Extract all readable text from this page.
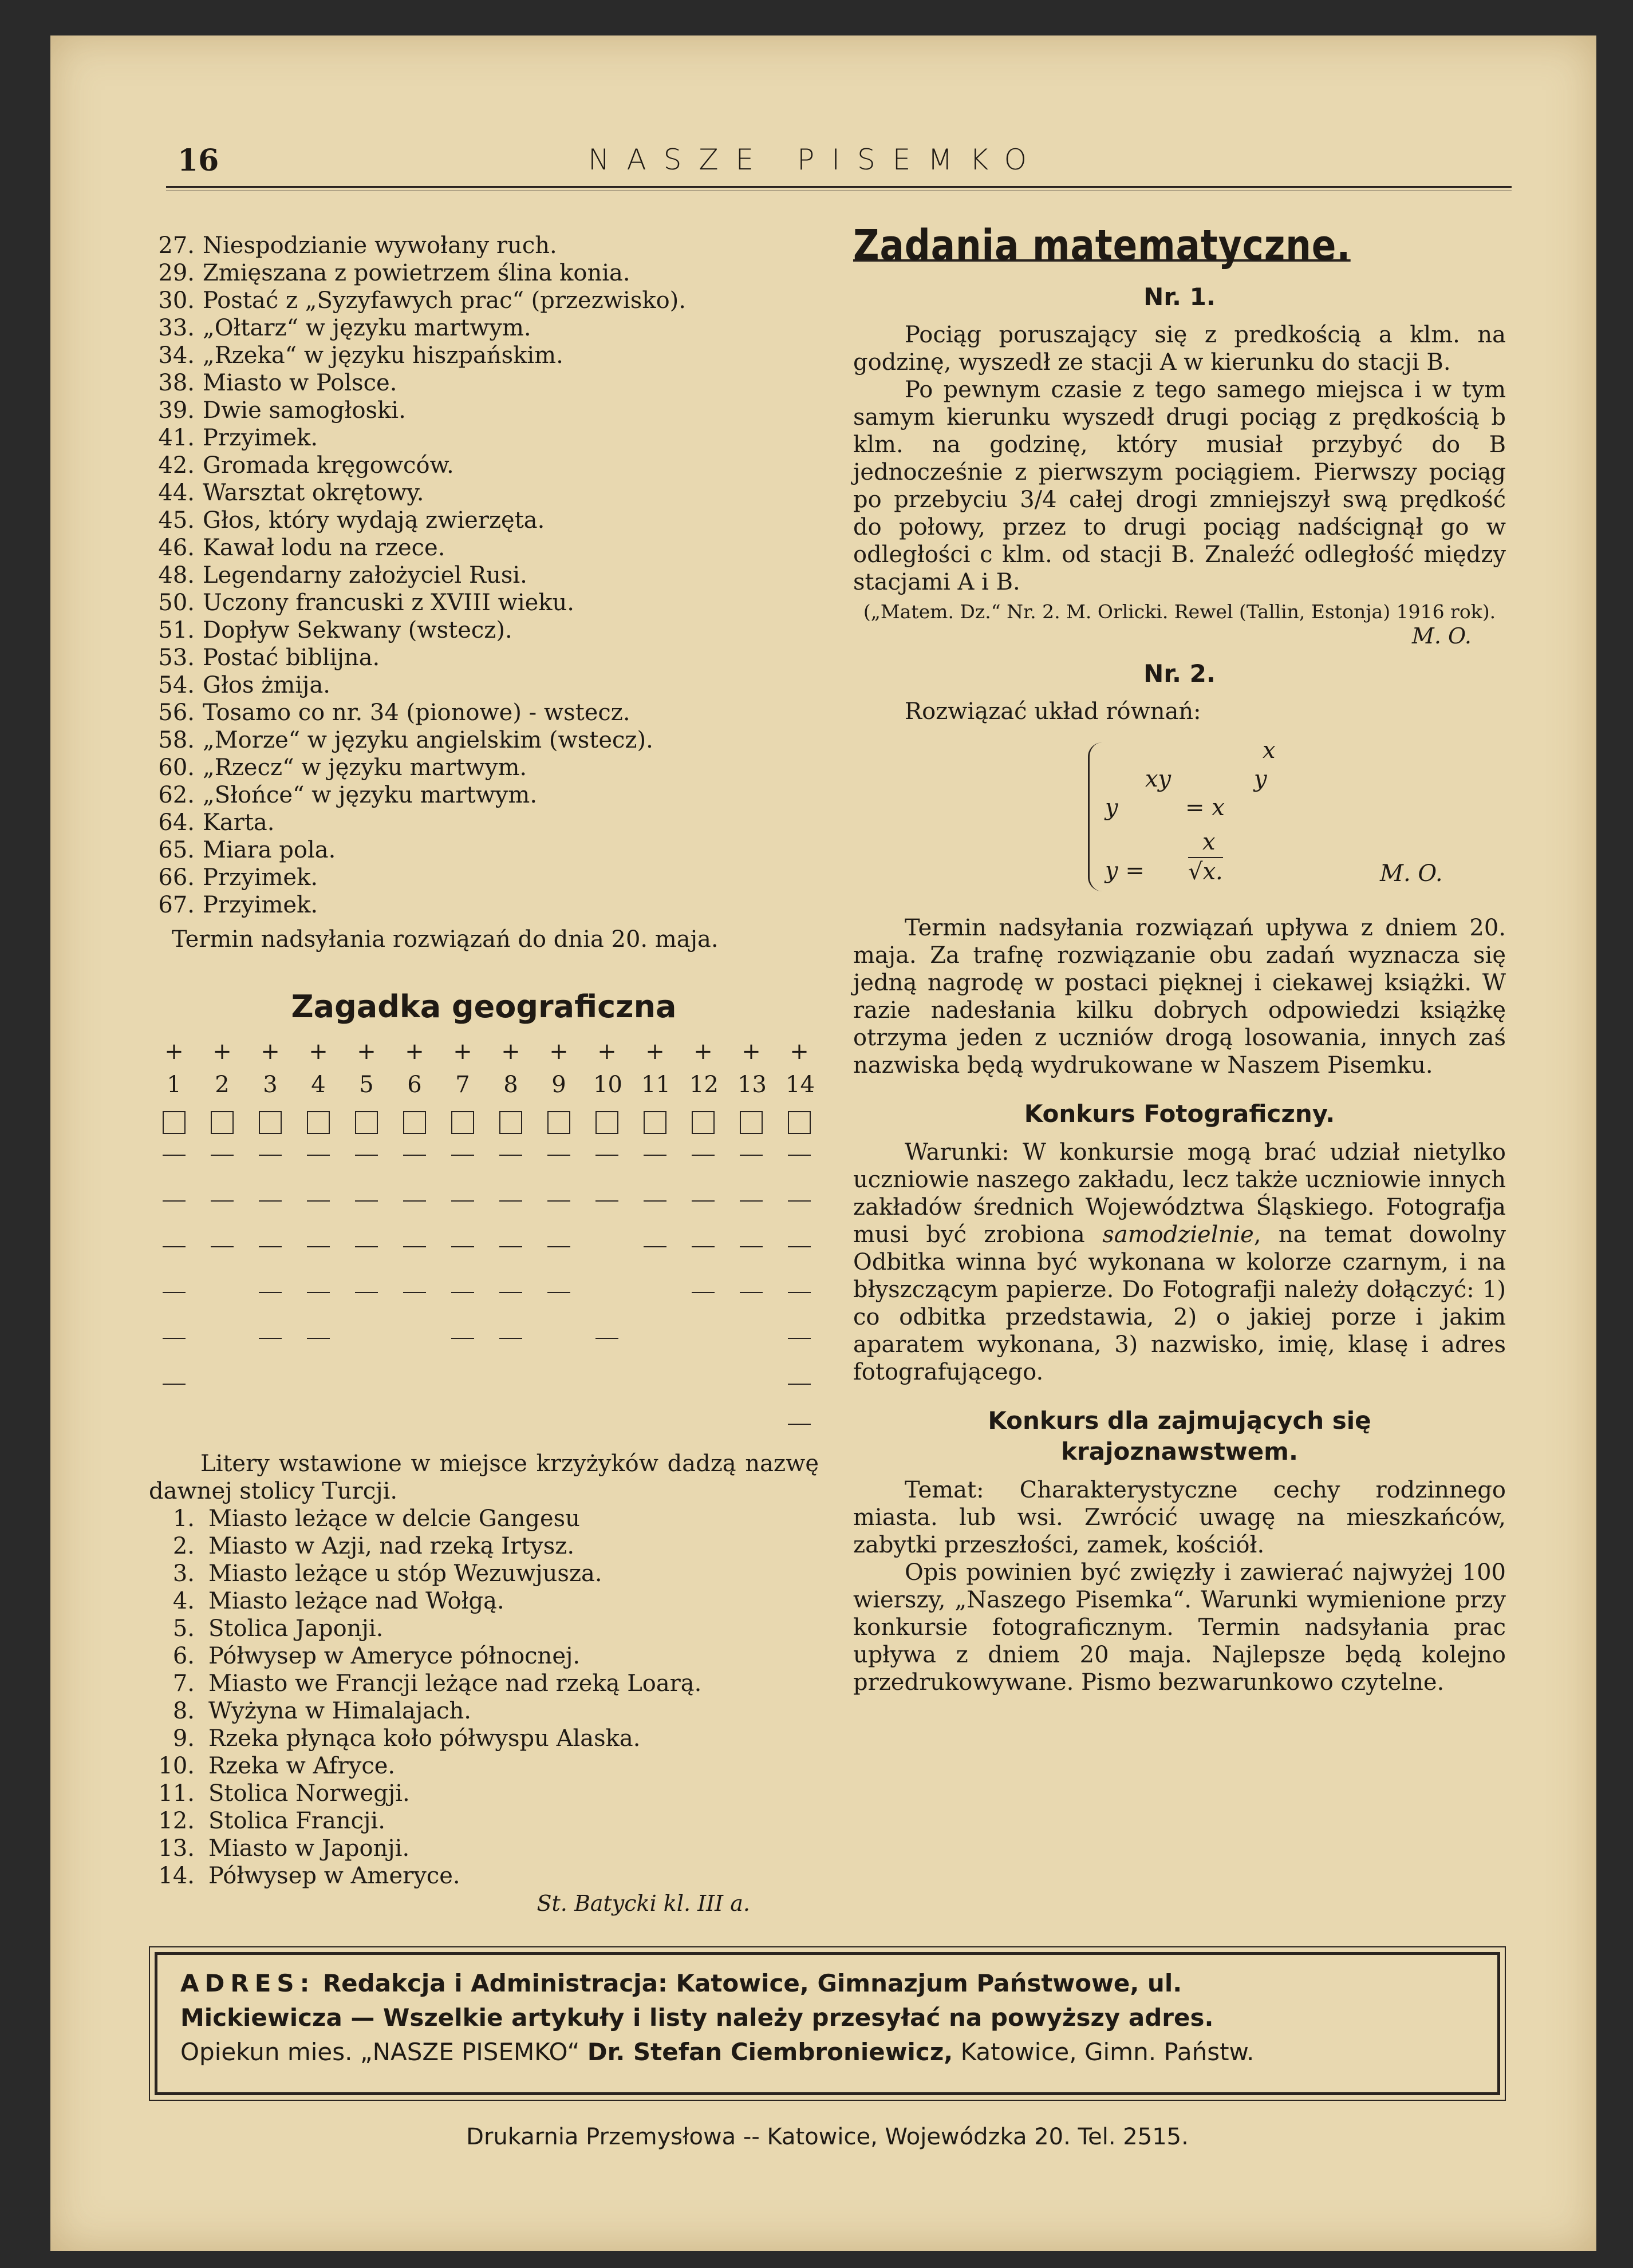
16	NASZE PISEMKO

27. Niespodzianie wywołany ruch.

29. Zmięszana z powietrzem ślina konia.

30. Postać z „Syzyfawych prac“ (przezwisko).

33. „Ołtarz“ w języku martwym.

34. „Rzeka“ w języku hiszpańskim.

38. Miasto w Polsce.

39. Dwie samogłoski.

41. Przyimek.

42. Gromada kręgowców.

44. Warsztat okrętowy.

45. Głos, który wydają zwierzęta.

46. Kawał lodu na rzece.

48. Legendarny założyciel Rusi.

50. Uczony francuski z XVIII wieku.

51. Dopływ Sekwany (wstecz).

53. Postać biblijna.

54. Głos żmija.

56. Tosamo co nr. 34 (pionowe) - wstecz.

58. „Morze“ w języku angielskim (wstecz).

60. „Rzecz“ w języku martwym.

62. „Słońce“ w języku martwym.

64. Karta.

65. Miara pola.

66. Przyimek.

67. Przyimek.

Termin nadsyłania rozwiązań do dnia 20. maja.

Zagadka geograficzna
+ + + + + + + + + + + + + +
1 2 3 4 5 6 7 8 9 10 11 12 13 14

Litery wstawione w miejsce krzyżyków dadzą nazwę dawnej stolicy Turcji.

1. Miasto leżące w delcie Gangesu
2. Miasto w Azji, nad rzeką Irtysz.
3. Miasto leżące u stóp Wezuwjusza.
4. Miasto leżące nad Wołgą.
5. Stolica Japonji.
6. Półwysep w Ameryce północnej.
7. Miasto we Francji leżące nad rzeką Loarą.
8. Wyżyna w Himalajach.
9. Rzeka płynąca koło półwyspu Alaska.
10. Rzeka w Afryce.
11. Stolica Norwegji.
12. Stolica Francji.
13. Miasto w Japonji.
14. Półwysep w Ameryce.
St. Batycki kl. III a.
Zadania matematyczne.
Nr. 1.

Pociąg poruszający się z predkością a klm. na godzinę, wyszedł ze stacji A w kierunku do stacji B.

Po pewnym czasie z tego samego miejsca i w tym samym kierunku wyszedł drugi pociąg z prędkością b klm. na godzinę, który musiał przybyć do B jednocześnie z pierwszym pociągiem. Pierwszy pociąg po przebyciu 3/4 całej drogi zmniejszył swą prędkość do połowy, przez to drugi pociąg nadścignął go w odległości c klm. od stacji B. Znaleźć odległość między stacjami A i B.

(„Matem. Dz.“ Nr. 2. M. Orlicki. Rewel (Tallin, Estonja) 1916 rok).
M. O.
Nr. 2.

Rozwiązać układ równań:

x
xy	y
y	= x
x
y = √x.	M. O.

Termin nadsyłania rozwiązań upływa z dniem 20. maja. Za trafnę rozwiązanie obu zadań wyznacza się jedną nagrodę w postaci pięknej i ciekawej książki. W razie nadesłania kilku dobrych odpowiedzi książkę otrzyma jeden z uczniów drogą losowania, innych zaś nazwiska będą wydrukowane w Naszem Pisemku.

Konkurs Fotograficzny.

Warunki: W konkursie mogą brać udział nietylko uczniowie naszego zakładu, lecz także uczniowie innych zakładów średnich Województwa Śląskiego. Fotografja musi być zrobiona samodzielnie, na temat dowolny Odbitka winna być wykonana w kolorze czarnym, i na błyszczącym papierze. Do Fotografji należy dołączyć: 1) co odbitka przedstawia, 2) o jakiej porze i jakim aparatem wykonana, 3) nazwisko, imię, klasę i adres fotografującego.

Konkurs dla zajmujących się
krajoznawstwem.

Temat: Charakterystyczne cechy rodzinnego miasta. lub wsi. Zwrócić uwagę na mieszkańców, zabytki przeszłości, zamek, kościół.

Opis powinien być zwięzły i zawierać najwyżej 100 wierszy, „Naszego Pisemka“. Warunki wymienione przy konkursie fotograficznym. Termin nadsyłania prac upływa z dniem 20 maja. Najlepsze będą kolejno przedrukowywane. Pismo bezwarunkowo czytelne.

ADRES: Redakcja i Administracja: Katowice, Gimnazjum Państwowe, ul.
Mickiewicza — Wszelkie artykuły i listy należy przesyłać na powyższy adres.
Opiekun mies. „NASZE PISEMKO“ Dr. Stefan Ciembroniewicz, Katowice, Gimn. Państw.
Drukarnia Przemysłowa -- Katowice, Wojewódzka 20. Tel. 2515.
